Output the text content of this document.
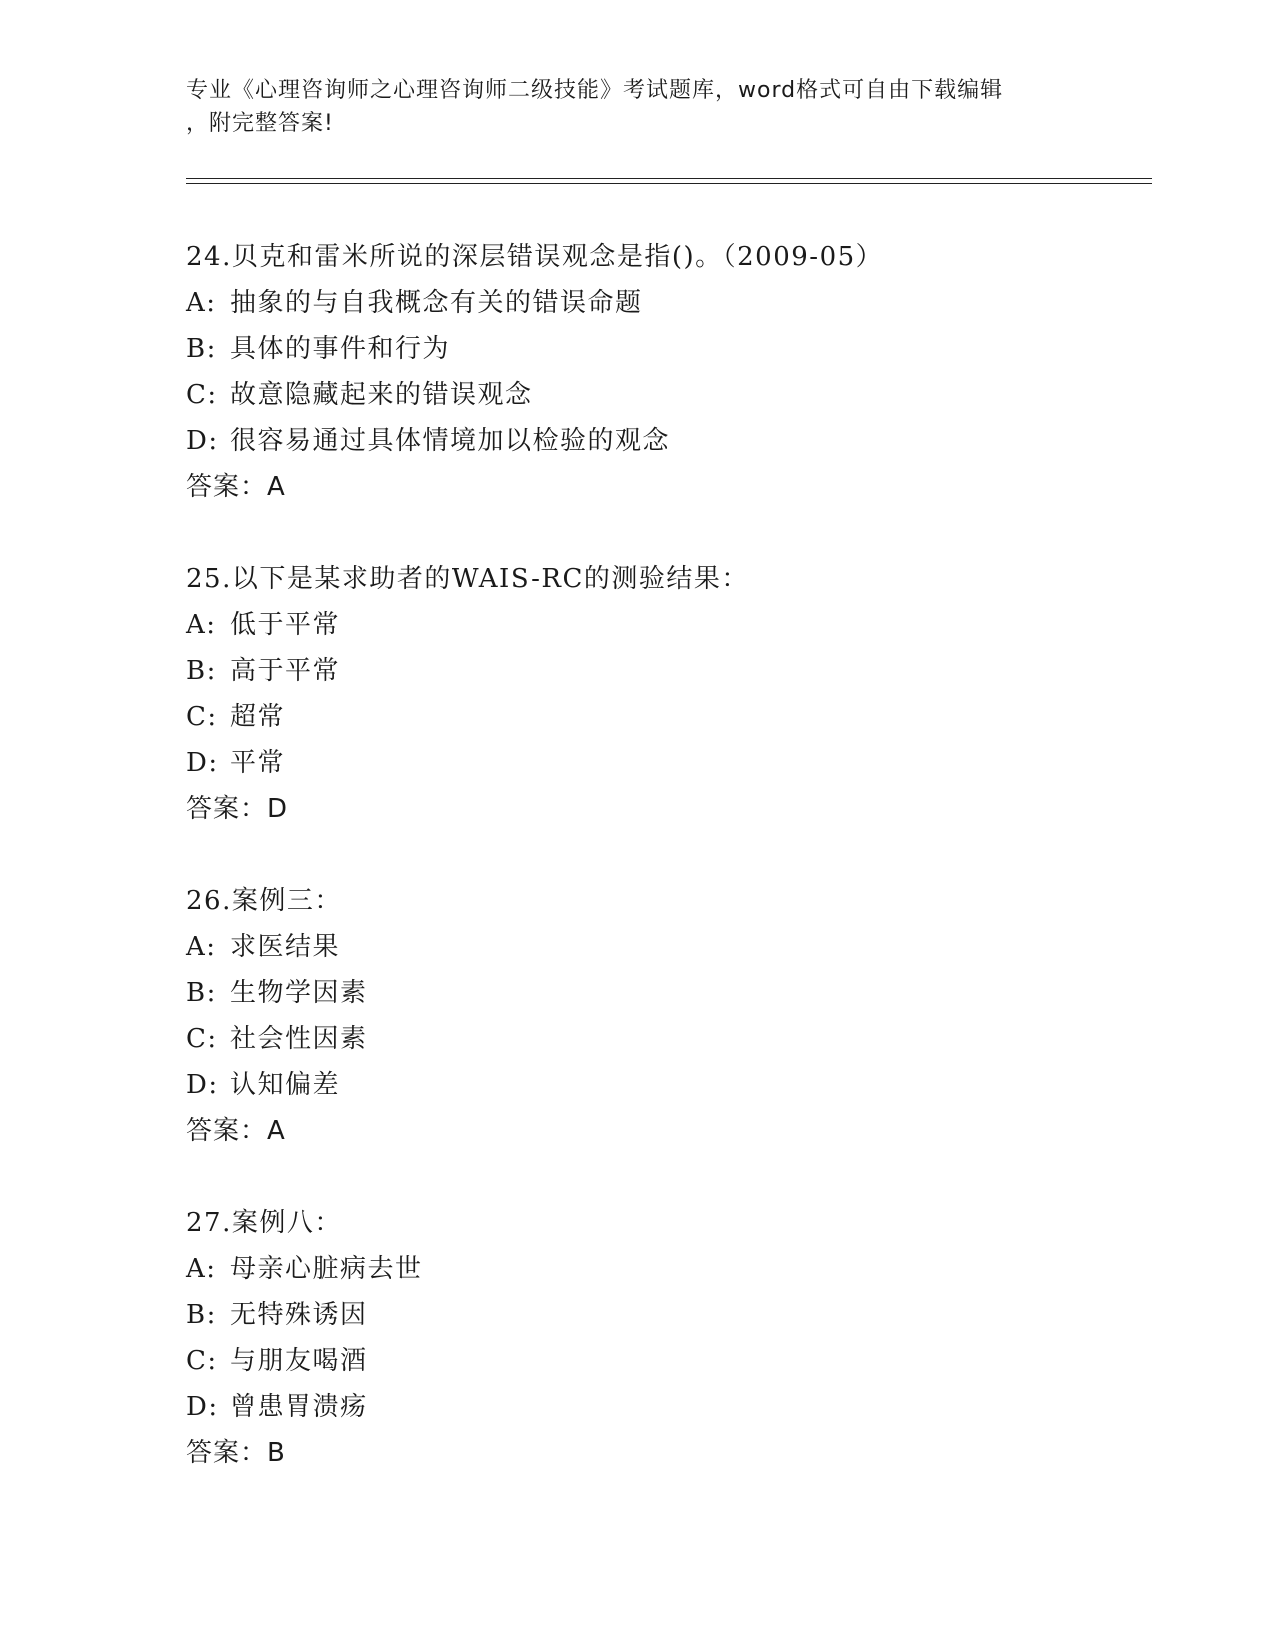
专业《心理咨询师之心理咨询师二级技能》考试题库，word格式可自由下载编辑
，附完整答案!
24.贝克和雷米所说的深层错误观念是指()。（2009-05）
A: 抽象的与自我概念有关的错误命题
B: 具体的事件和行为
C: 故意隐藏起来的错误观念
D: 很容易通过具体情境加以检验的观念
答案：A
25.以下是某求助者的WAIS-RC的测验结果：
A: 低于平常
B: 高于平常
C: 超常
D: 平常
答案：D
26.案例三：
A: 求医结果
B: 生物学因素
C: 社会性因素
D: 认知偏差
答案：A
27.案例八：
A: 母亲心脏病去世
B: 无特殊诱因
C: 与朋友喝酒
D: 曾患胃溃疡
答案：B
